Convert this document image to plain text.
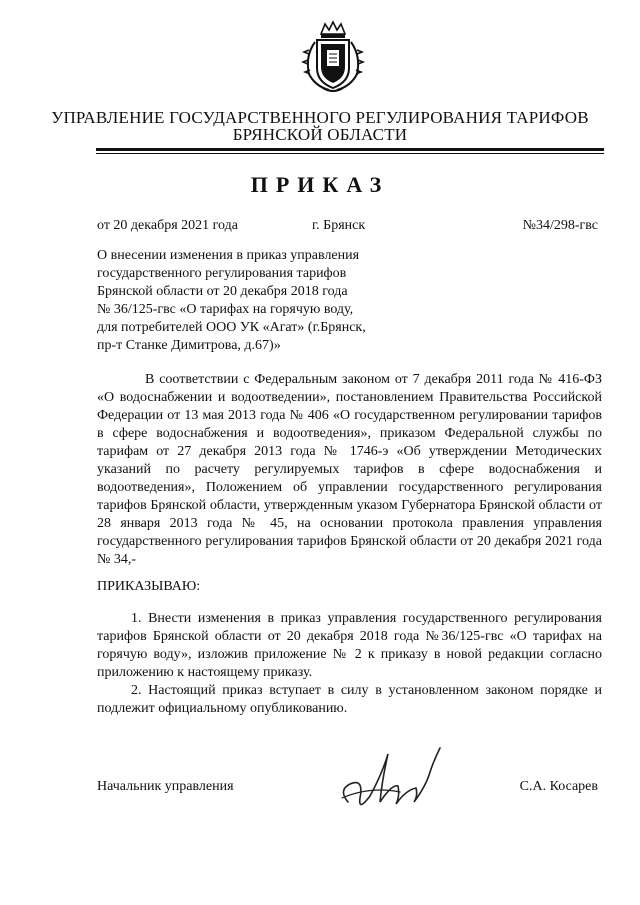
УПРАВЛЕНИЕ ГОСУДАРСТВЕННОГО РЕГУЛИРОВАНИЯ ТАРИФОВ
БРЯНСКОЙ ОБЛАСТИ
ПРИКАЗ
от 20 декабря 2021 года	г. Брянск	№34/298-гвс
О внесении изменения в приказ управления
государственного регулирования тарифов
Брянской области от 20 декабря 2018 года
№ 36/125-гвс «О тарифах на горячую воду,
для потребителей ООО УК «Агат» (г.Брянск,
пр-т Станке Димитрова, д.67)»
В соответствии с Федеральным законом от 7 декабря 2011 года № 416-ФЗ «О водоснабжении и водоотведении», постановлением Правительства Российской Федерации от 13 мая 2013 года № 406 «О государственном регулировании тарифов в сфере водоснабжения и водоотведения», приказом Федеральной службы по тарифам от 27 декабря 2013 года № 1746-э «Об утверждении Методических указаний по расчету регулируемых тарифов в сфере водоснабжения и водоотведения», Положением об управлении государственного регулирования тарифов Брянской области, утвержденным указом Губернатора Брянской области от 28 января 2013 года № 45, на основании протокола правления управления государственного регулирования тарифов Брянской области от 20 декабря 2021 года № 34,-
ПРИКАЗЫВАЮ:
1. Внести изменения в приказ управления государственного регулирования тарифов Брянской области от 20 декабря 2018 года №36/125-гвс «О тарифах на горячую воду», изложив приложение № 2 к приказу в новой редакции согласно приложению к настоящему приказу.
2. Настоящий приказ вступает в силу в установленном законом порядке и подлежит официальному опубликованию.
Начальник управления	С.А. Косарев
